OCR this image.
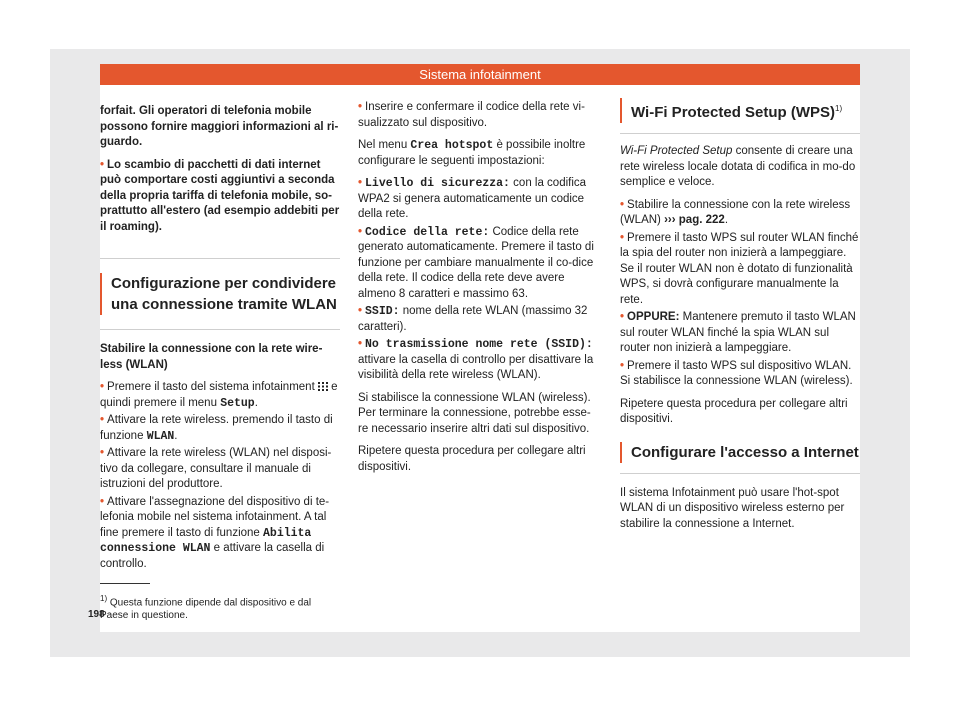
Sistema infotainment

forfait. Gli operatori di telefonia mobile possono fornire maggiori informazioni al ri-guardo.

• Lo scambio di pacchetti di dati internet può comportare costi aggiuntivi a seconda della propria tariffa di telefonia mobile, so-prattutto all'estero (ad esempio addebiti per il roaming).

Configurazione per condividere una connessione tramite WLAN

Stabilire la connessione con la rete wire-less (WLAN)

• Premere il tasto del sistema infotainment e quindi premere il menu Setup.

• Attivare la rete wireless. premendo il tasto di funzione WLAN.

• Attivare la rete wireless (WLAN) nel disposi-tivo da collegare, consultare il manuale di istruzioni del produttore.

• Attivare l'assegnazione del dispositivo di te-lefonia mobile nel sistema infotainment. A tal fine premere il tasto di funzione Abilita connessione WLAN e attivare la casella di controllo.

$^{1)}$ Questa funzione dipende dal dispositivo e dal Paese in questione.
198

• Inserire e confermare il codice della rete vi-sualizzato sul dispositivo.

Nel menu Crea hotspot è possibile inoltre configurare le seguenti impostazioni:

• Livello di sicurezza: con la codifica WPA2 si genera automaticamente un codice della rete.

• Codice della rete: Codice della rete generato automaticamente. Premere il tasto di funzione per cambiare manualmente il co-dice della rete. Il codice della rete deve avere almeno 8 caratteri e massimo 63.

• SSID: nome della rete WLAN (massimo 32 caratteri).

• No trasmissione nome rete (SSID): attivare la casella di controllo per disattivare la visibilità della rete wireless (WLAN).

Si stabilisce la connessione WLAN (wireless). Per terminare la connessione, potrebbe esse-re necessario inserire altri dati sul dispositivo.

Ripetere questa procedura per collegare altri dispositivi.

Wi-Fi Protected Setup (WPS)$^{1)}$

Wi-Fi Protected Setup consente di creare una rete wireless locale dotata di codifica in mo-do semplice e veloce.

• Stabilire la connessione con la rete wireless (WLAN) ››› pag. 222.

• Premere il tasto WPS sul router WLAN finché la spia del router non inizierà a lampeggiare. Se il router WLAN non è dotato di funzionalità WPS, si dovrà configurare manualmente la rete.

• OPPURE: Mantenere premuto il tasto WLAN sul router WLAN finché la spia WLAN sul router non inizierà a lampeggiare.

• Premere il tasto WPS sul dispositivo WLAN. Si stabilisce la connessione WLAN (wireless).

Ripetere questa procedura per collegare altri dispositivi.

Configurare l'accesso a Internet

Il sistema Infotainment può usare l'hot-spot WLAN di un dispositivo wireless esterno per stabilire la connessione a Internet.
